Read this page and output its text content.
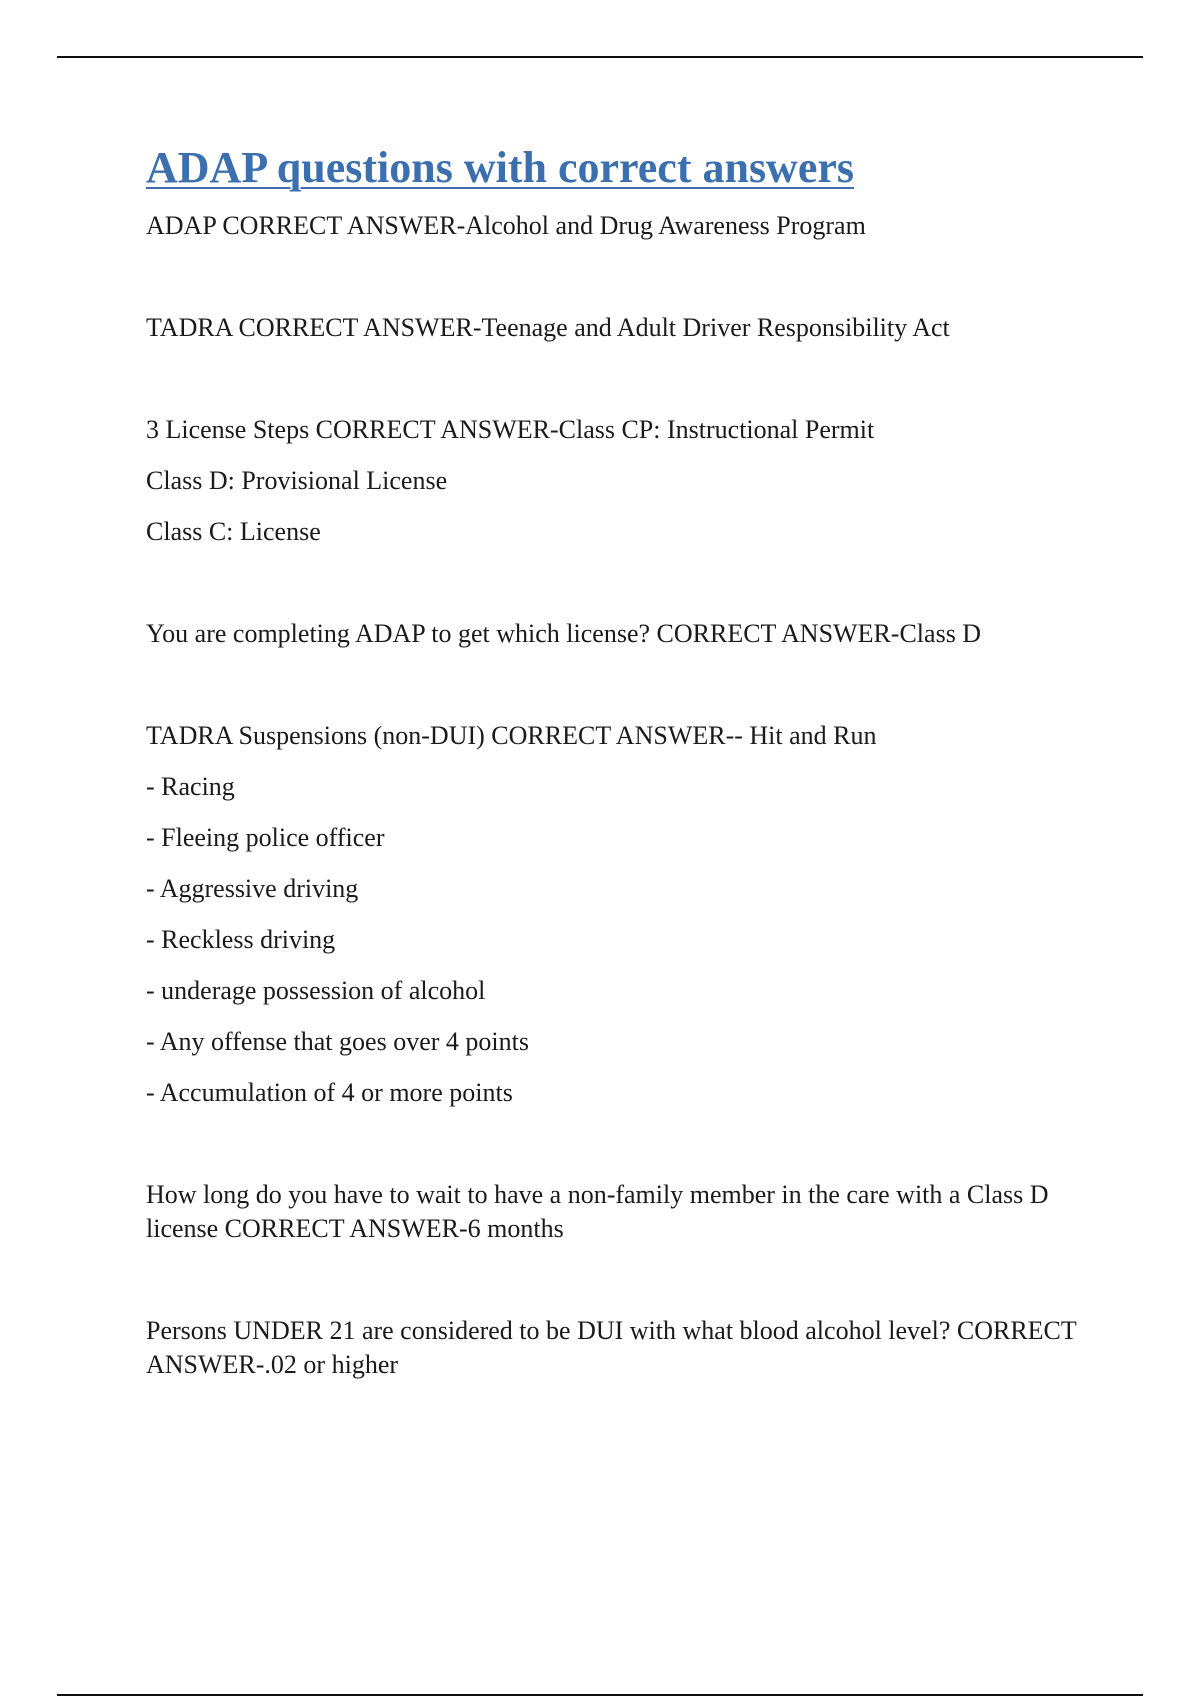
ADAP questions with correct answers

ADAP CORRECT ANSWER-Alcohol and Drug Awareness Program

TADRA CORRECT ANSWER-Teenage and Adult Driver Responsibility Act

3 License Steps CORRECT ANSWER-Class CP: Instructional Permit
Class D: Provisional License
Class C: License

You are completing ADAP to get which license? CORRECT ANSWER-Class D

TADRA Suspensions (non-DUI) CORRECT ANSWER-- Hit and Run
- Racing
- Fleeing police officer
- Aggressive driving
- Reckless driving
- underage possession of alcohol
- Any offense that goes over 4 points
- Accumulation of 4 or more points

How long do you have to wait to have a non-family member in the care with a Class D license CORRECT ANSWER-6 months

Persons UNDER 21 are considered to be DUI with what blood alcohol level? CORRECT ANSWER-.02 or higher
